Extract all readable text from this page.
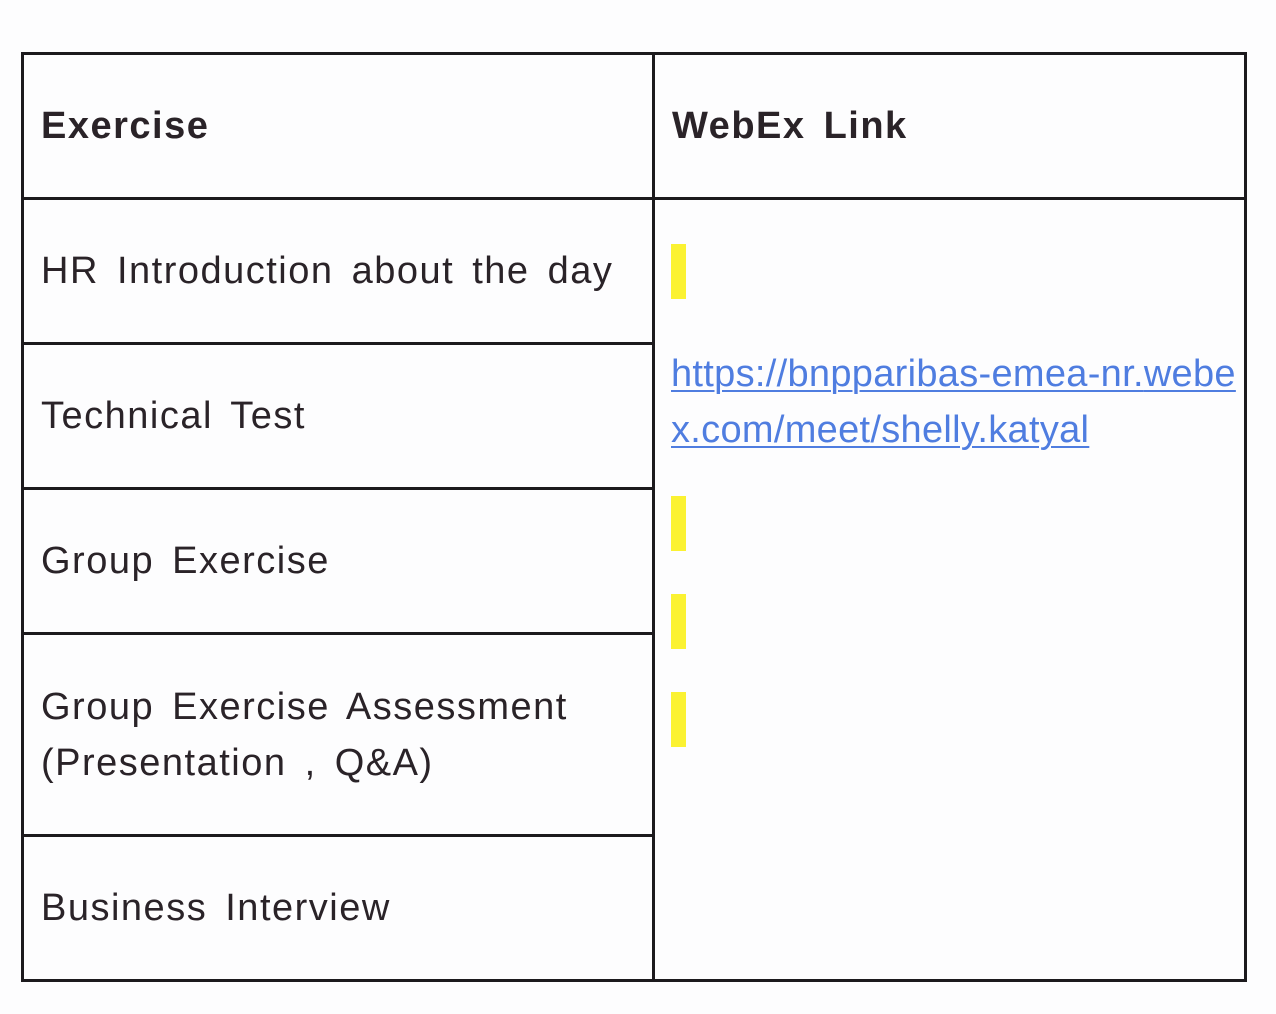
Exercise	WebEx Link
HR Introduction about the day	https://bnpparibas-emea-nr.webex.com/meet/shelly.katyal

Technical Test	
Group Exercise	
Group Exercise Assessment (Presentation , Q&A)	
Business Interview	
